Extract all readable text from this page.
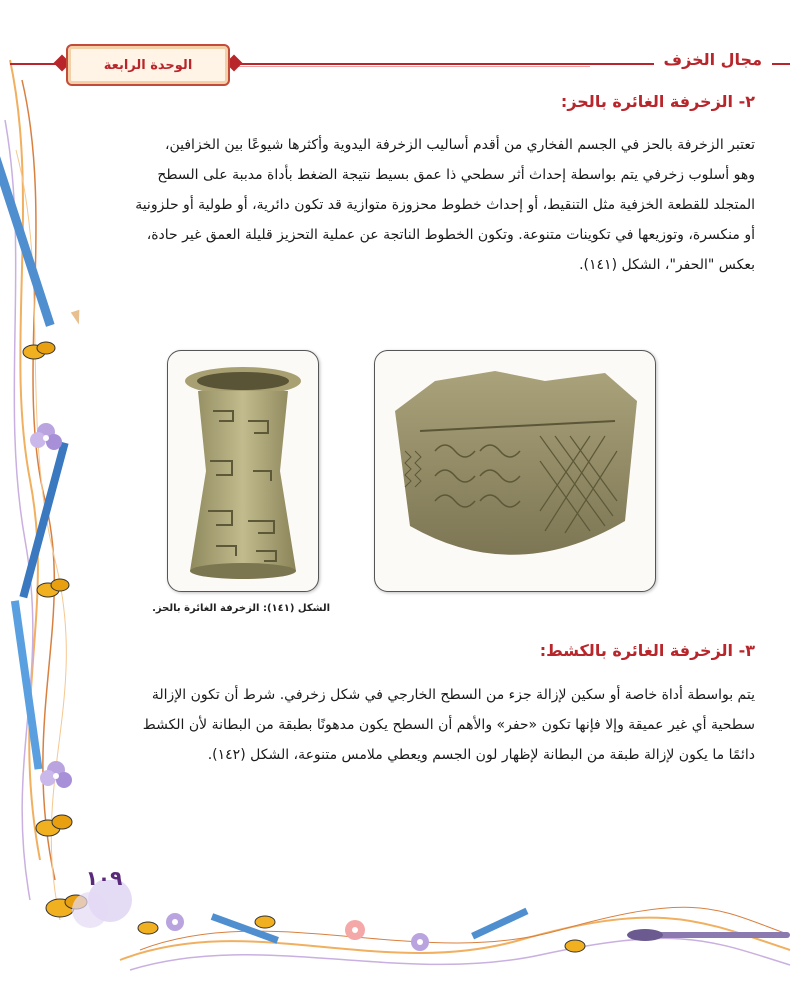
الوحدة الرابعة	مجال الخزف
٢- الزخرفة الغائرة بالحز:
تعتبر الزخرفة بالحز في الجسم الفخاري من أقدم أساليب الزخرفة اليدوية وأكثرها شيوعًا بين الخزافين،
وهو أسلوب زخرفي يتم بواسطة إحداث أثر سطحي ذا عمق بسيط نتيجة الضغط بأداة مدببة على السطح
المتجلد للقطعة الخزفية مثل التنقيط، أو إحداث خطوط محزوزة متوازية قد تكون دائرية، أو طولية أو حلزونية
أو منكسرة، وتوزيعها في تكوينات متنوعة. وتكون الخطوط الناتجة عن عملية التحزيز قليلة العمق غير حادة،
بعكس "الحفر"، الشكل (١٤١).
الشكل (١٤١): الزخرفة الغائرة بالحز.
٣- الزخرفة الغائرة بالكشط:
يتم بواسطة أداة خاصة أو سكين لإزالة جزء من السطح الخارجي في شكل زخرفي. شرط أن تكون الإزالة
سطحية أي غير عميقة وإلا فإنها تكون «حفر» والأهم أن السطح يكون مدهونًا بطبقة من البطانة لأن الكشط
دائمًا ما يكون لإزالة طبقة من البطانة لإظهار لون الجسم ويعطي ملامس متنوعة، الشكل (١٤٢).
١٠٩
